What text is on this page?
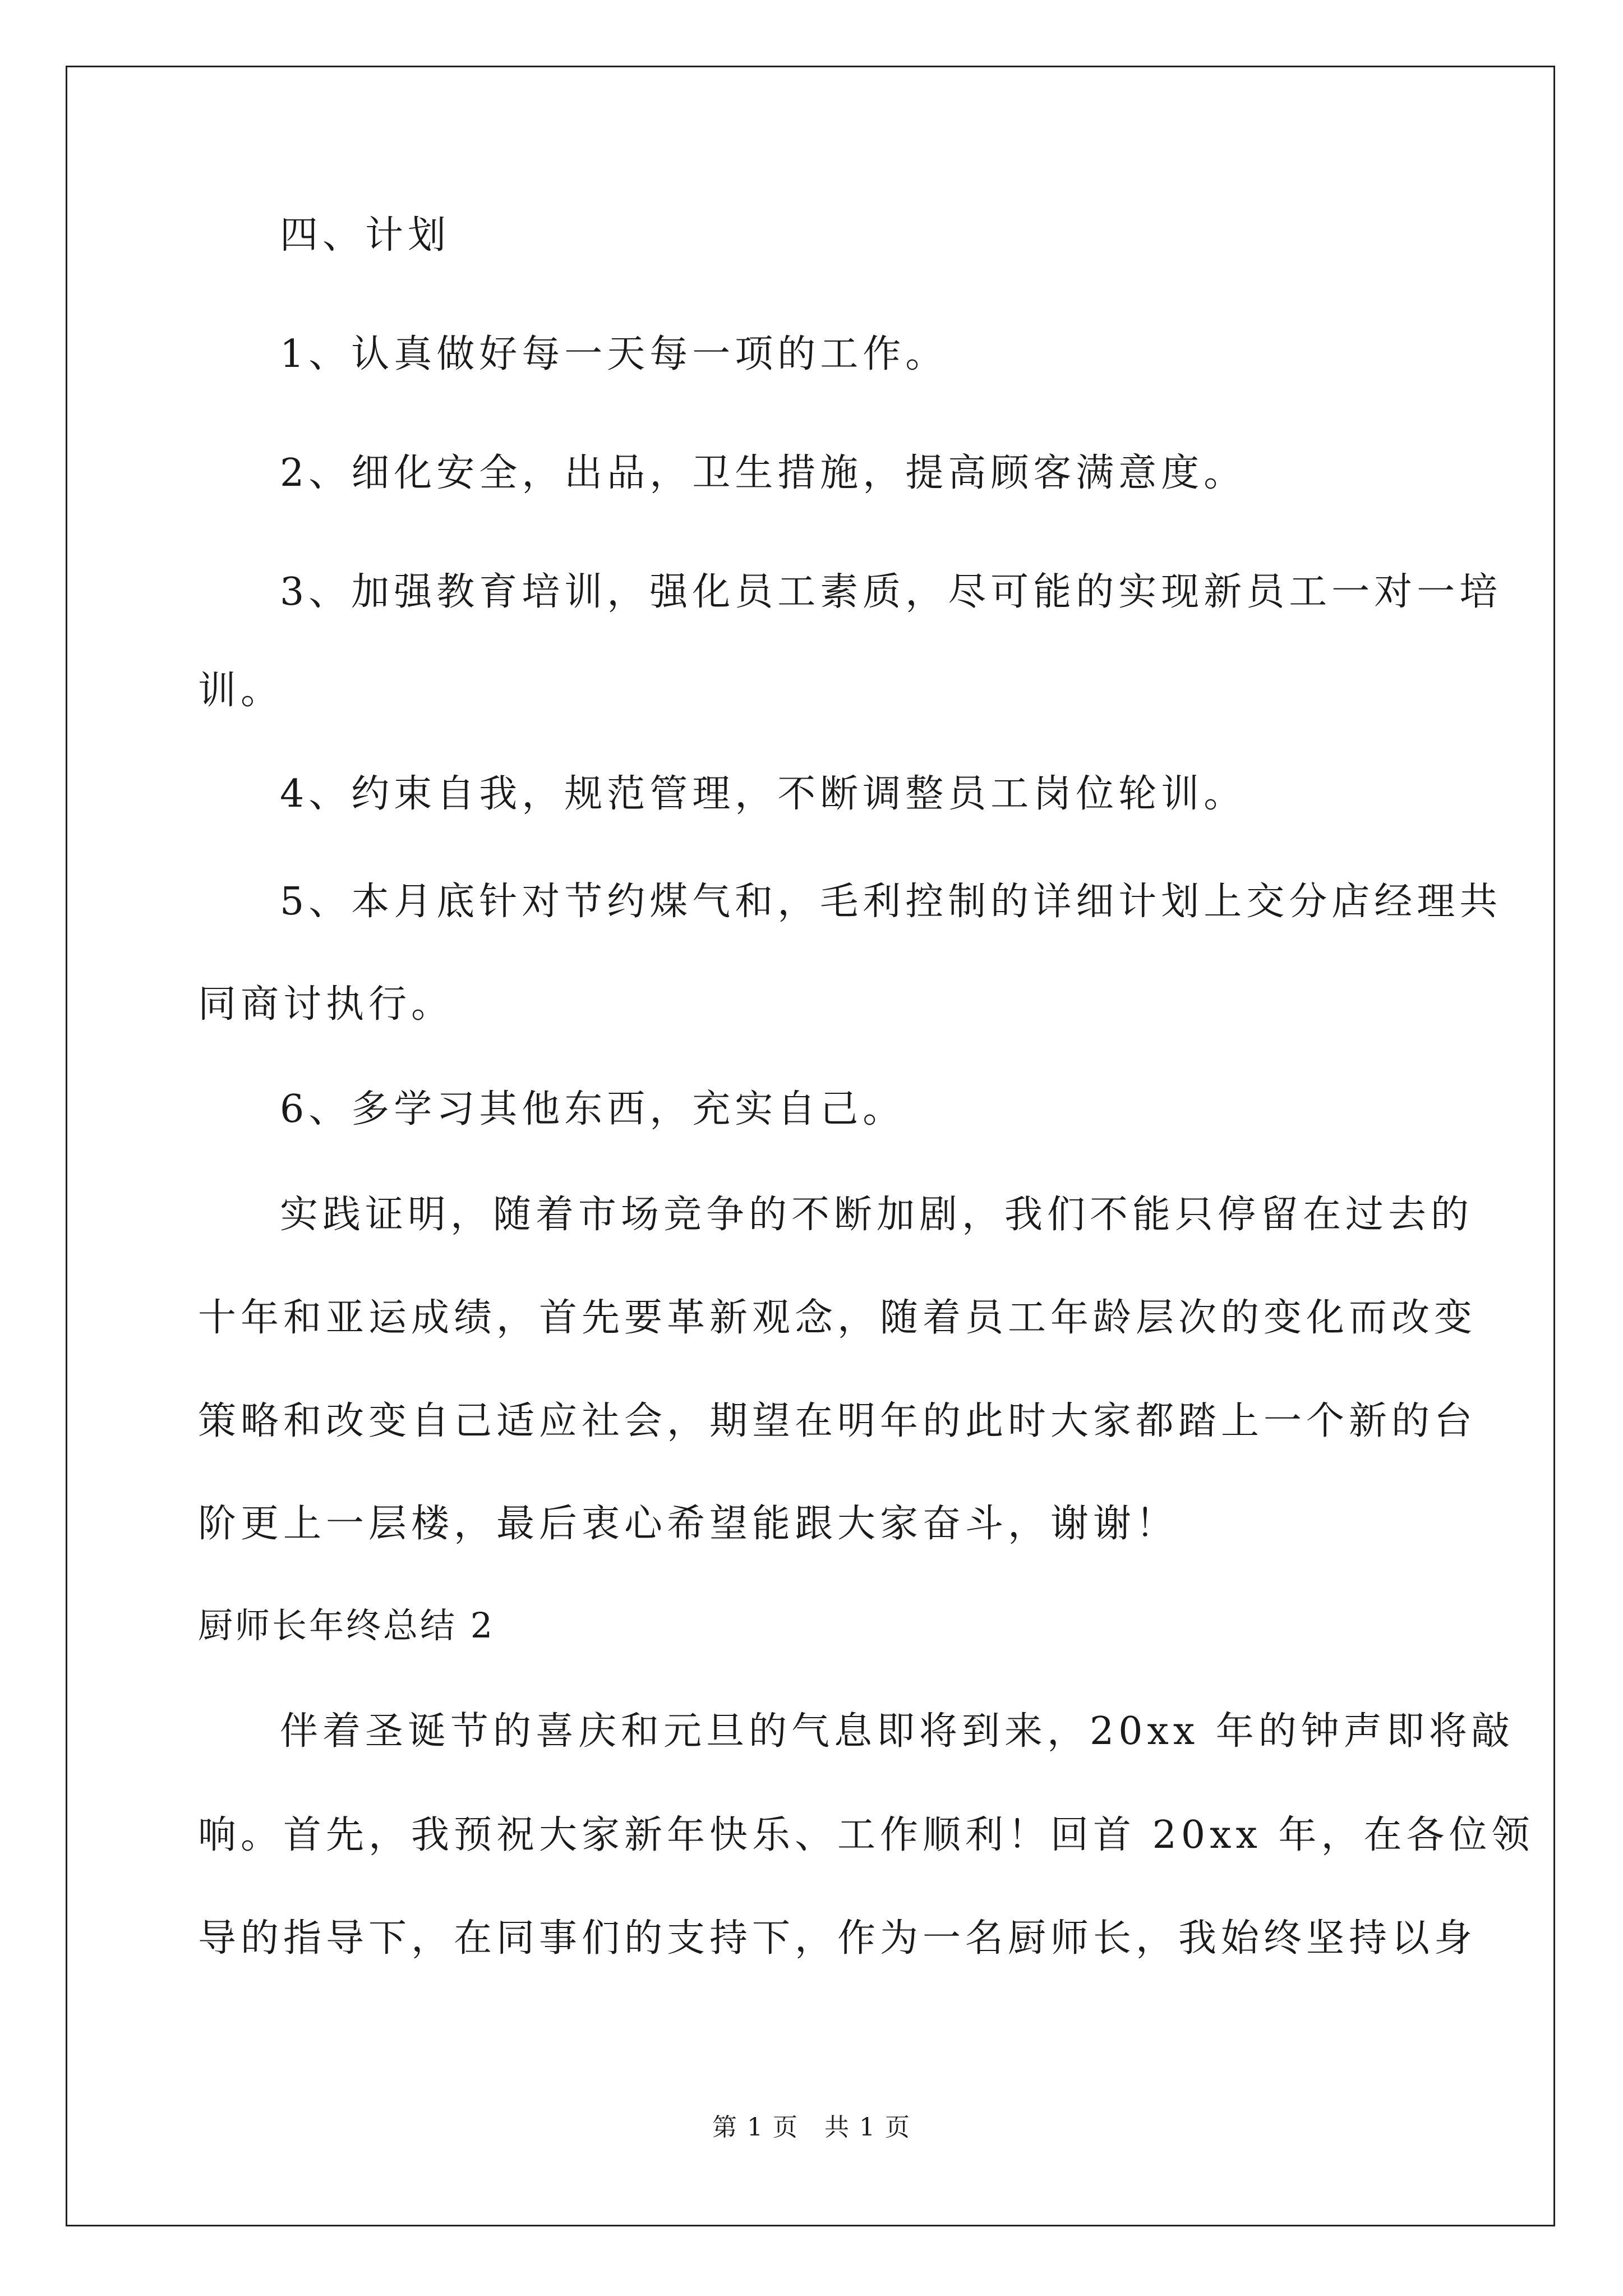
四、计划
1、认真做好每一天每一项的工作。
2、细化安全，出品，卫生措施，提高顾客满意度。
3、加强教育培训，强化员工素质，尽可能的实现新员工一对一培
训。
4、约束自我，规范管理，不断调整员工岗位轮训。
5、本月底针对节约煤气和，毛利控制的详细计划上交分店经理共
同商讨执行。
6、多学习其他东西，充实自己。
实践证明，随着市场竞争的不断加剧，我们不能只停留在过去的
十年和亚运成绩，首先要革新观念，随着员工年龄层次的变化而改变
策略和改变自己适应社会，期望在明年的此时大家都踏上一个新的台
阶更上一层楼，最后衷心希望能跟大家奋斗，谢谢！
厨师长年终总结 2
伴着圣诞节的喜庆和元旦的气息即将到来，20xx 年的钟声即将敲
响。首先，我预祝大家新年快乐、工作顺利！回首 20xx 年，在各位领
导的指导下，在同事们的支持下，作为一名厨师长，我始终坚持以身
第 1 页　共 1 页
